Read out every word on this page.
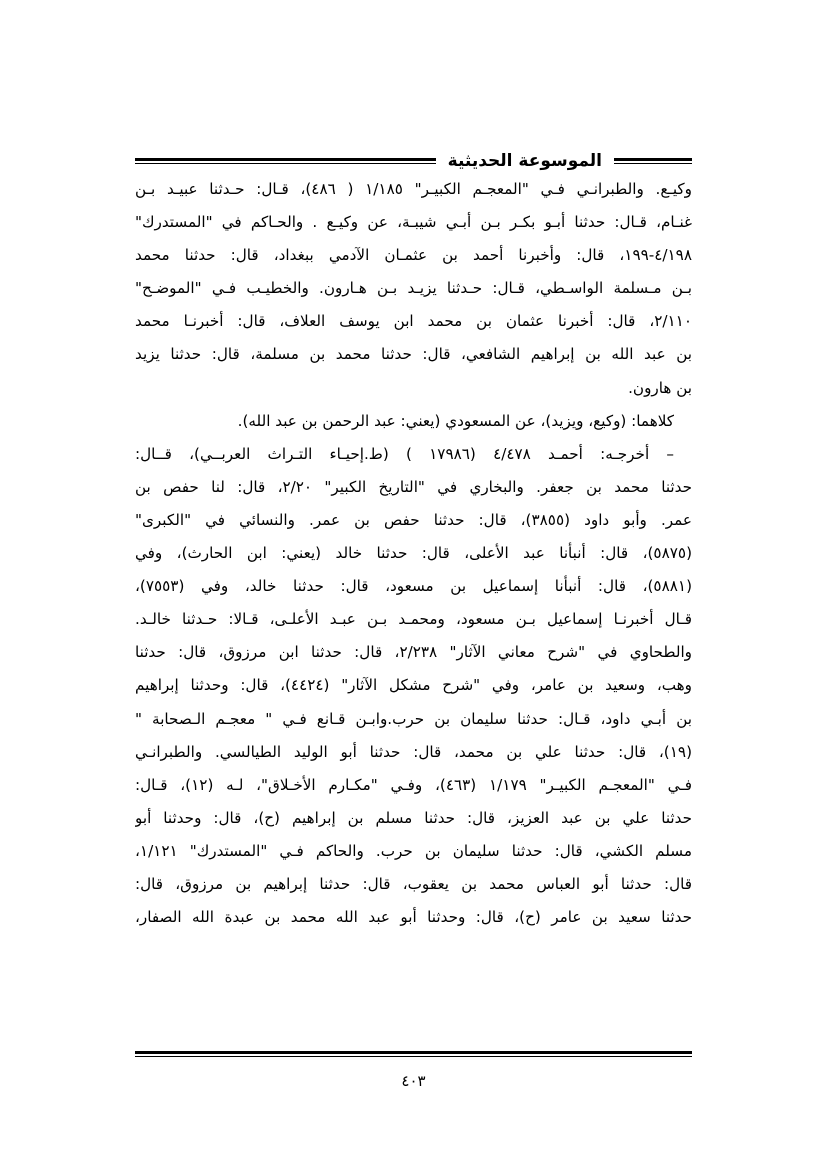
الموسوعة الحديثية
وكيـع. والطبرانـي فـي "المعجـم الكبيـر" ١/١٨٥ ( ٤٨٦)، قـال: حـدثنا عبيـد بـن
غنـام، قـال: حدثنا أبـو بكـر بـن أبـي شيبـة، عن وكيـع . والحـاكم في "المستدرك"
٤/١٩٨-١٩٩، قال: وأخبرنا أحمد بن عثمـان الآدمي ببغداد، قال: حدثنا محمد
بـن مـسلمة الواسـطي، قـال: حـدثنا يزيـد بـن هـارون. والخطيـب فـي "الموضـح"
٢/١١٠، قال: أخبرنا عثمان بن محمد ابن يوسف العلاف، قال: أخبرنـا محمد
بن عبد الله بن إبراهيم الشافعي، قال: حدثنا محمد بن مسلمة، قال: حدثنا يزيد
بن هارون.
كلاهما: (وكيع، ويزيد)، عن المسعودي (يعني: عبد الرحمن بن عبد الله).
– أخرجـه: أحمـد ٤/٤٧٨ (١٧٩٨٦ ) (ط.إحيـاء التـراث العربــي)، قــال:
حدثنا محمد بن جعفر. والبخاري في "التاريخ الكبير" ٢/٢٠، قال: لنا حفص بن
عمر. وأبو داود (٣٨٥٥)، قال: حدثنا حفص بن عمر. والنسائي في "الكبرى"
(٥٨٧٥)، قال: أنبأنا عبد الأعلى، قال: حدثنا خالد (يعني: ابن الحارث)، وفي
(٥٨٨١)، قال: أنبأنا إسماعيل بن مسعود، قال: حدثنا خالد، وفي (٧٥٥٣)،
قـال أخبرنـا إسماعيل بـن مسعود، ومحمـد بـن عبـد الأعلـى، قـالا: حـدثنا خالـد.
والطحاوي في "شرح معاني الآثار" ٢/٢٣٨، قال: حدثنا ابن مرزوق، قال: حدثنا
وهب، وسعيد بن عامر، وفي "شرح مشكل الآثار" (٤٤٢٤)، قال: وحدثنا إبراهيم
بن أبـي داود، قـال: حدثنا سليمان بن حرب.وابـن قـانع فـي " معجـم الـصحابة "
(١٩)، قال: حدثنا علي بن محمد، قال: حدثنا أبو الوليد الطيالسي. والطبرانـي
فـي "المعجـم الكبيـر" ١/١٧٩ (٤٦٣)، وفـي "مكـارم الأخـلاق"، لـه (١٢)، قـال:
حدثنا علي بن عبد العزيز، قال: حدثنا مسلم بن إبراهيم (ح)، قال: وحدثنا أبو
مسلم الكشي، قال: حدثنا سليمان بن حرب. والحاكم فـي "المستدرك" ١/١٢١،
قال: حدثنا أبو العباس محمد بن يعقوب، قال: حدثنا إبراهيم بن مرزوق، قال:
حدثنا سعيد بن عامر (ح)، قال: وحدثنا أبو عبد الله محمد بن عبدة الله الصفار،
٤٠٣
